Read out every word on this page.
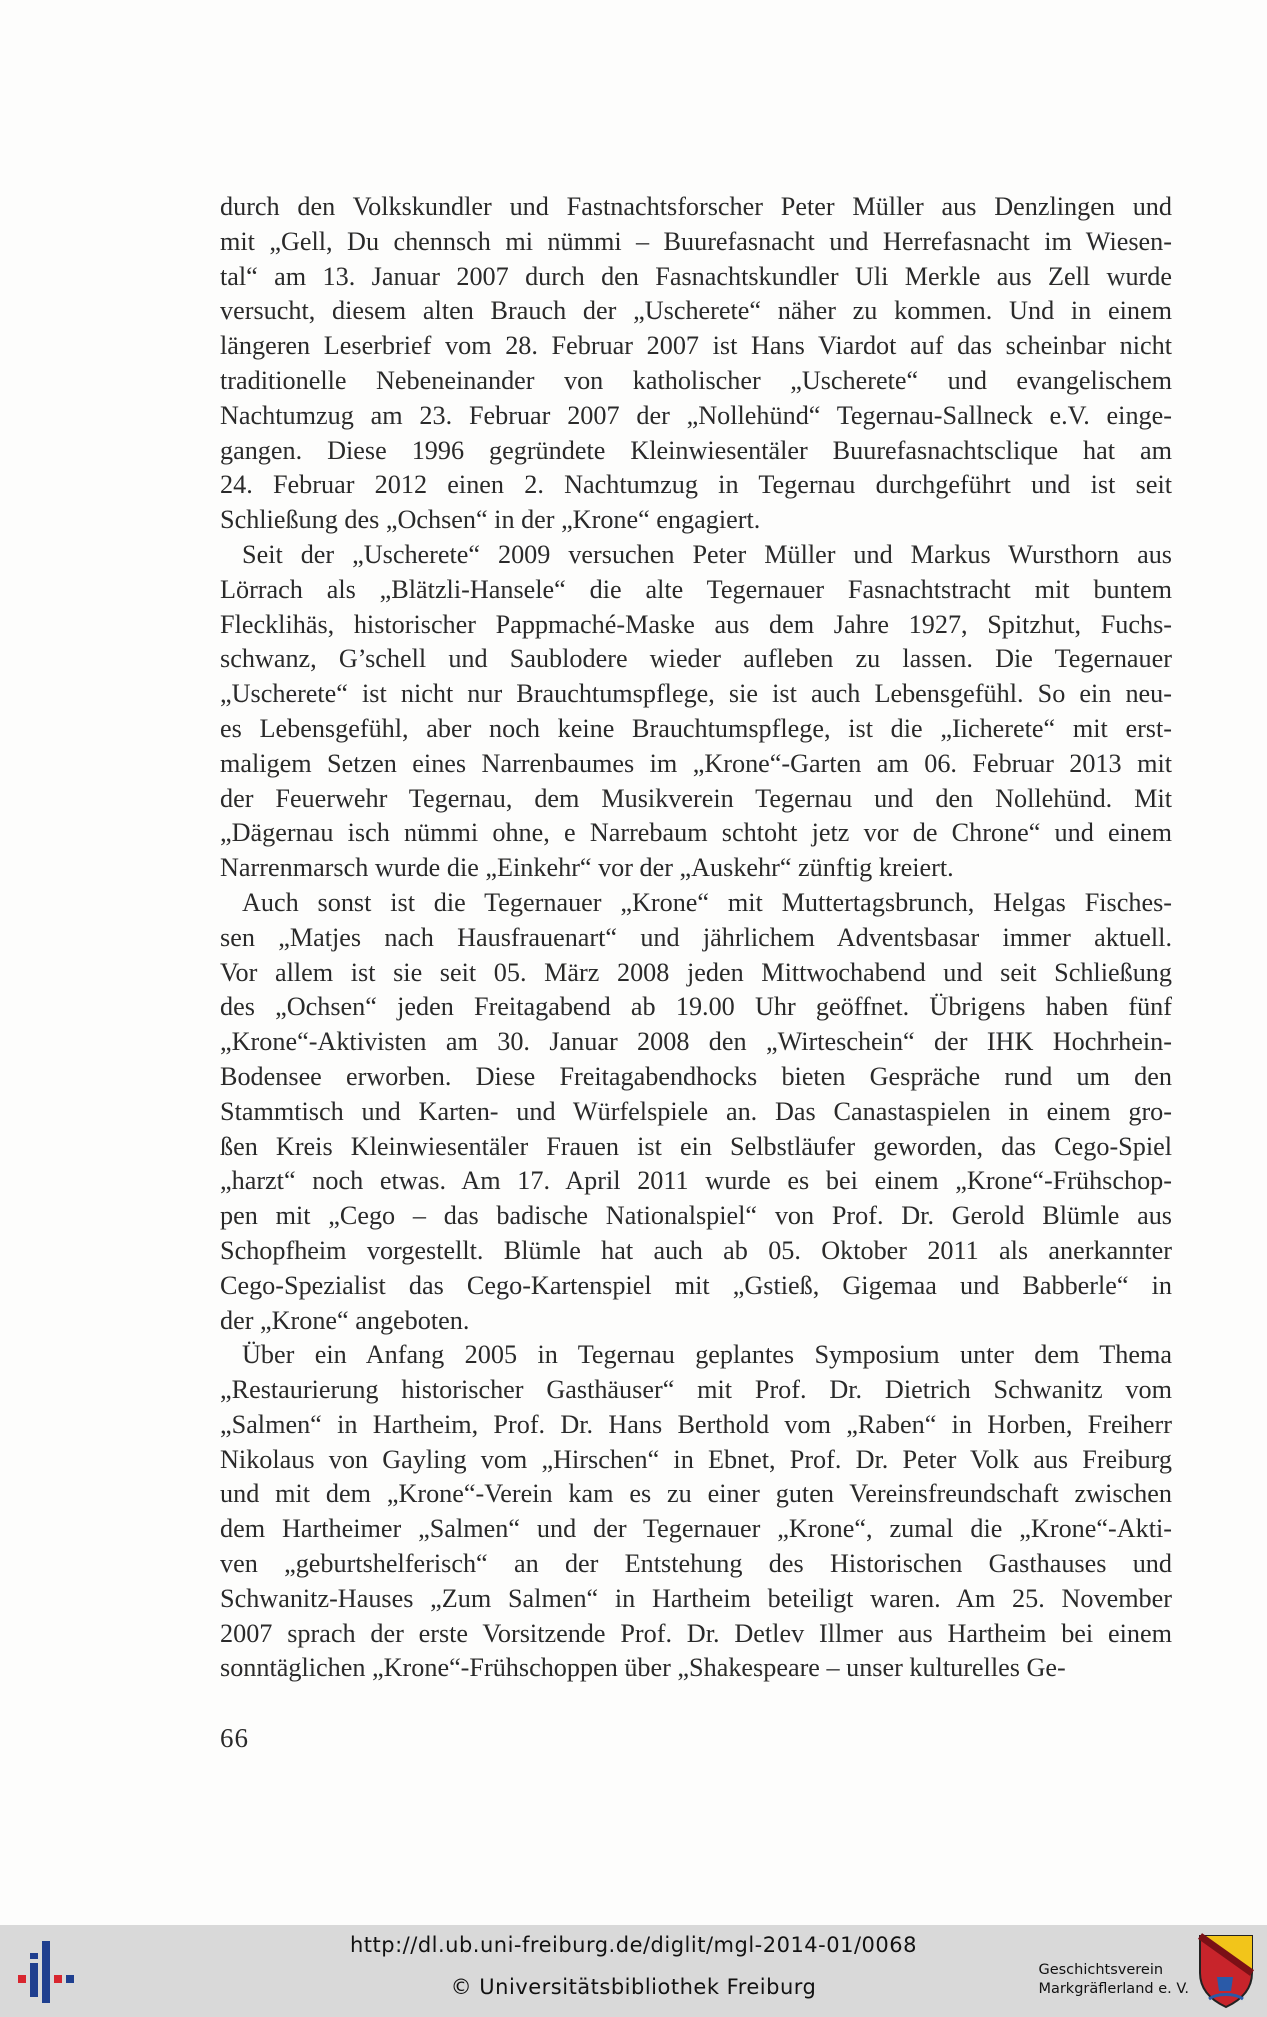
durch den Volkskundler und Fastnachtsforscher Peter Müller aus Denzlingen und
mit „Gell, Du chennsch mi nümmi – Buurefasnacht und Herrefasnacht im Wiesen-
tal“ am 13. Januar 2007 durch den Fasnachtskundler Uli Merkle aus Zell wurde
versucht, diesem alten Brauch der „Uscherete“ näher zu kommen. Und in einem
längeren Leserbrief vom 28. Februar 2007 ist Hans Viardot auf das scheinbar nicht
traditionelle Nebeneinander von katholischer „Uscherete“ und evangelischem
Nachtumzug am 23. Februar 2007 der „Nollehünd“ Tegernau-Sallneck e.V. einge-
gangen. Diese 1996 gegründete Kleinwiesentäler Buurefasnachtsclique hat am
24. Februar 2012 einen 2. Nachtumzug in Tegernau durchgeführt und ist seit
Schließung des „Ochsen“ in der „Krone“ engagiert.
Seit der „Uscherete“ 2009 versuchen Peter Müller und Markus Wursthorn aus
Lörrach als „Blätzli-Hansele“ die alte Tegernauer Fasnachtstracht mit buntem
Flecklihäs, historischer Pappmaché-Maske aus dem Jahre 1927, Spitzhut, Fuchs-
schwanz, G’schell und Saublodere wieder aufleben zu lassen. Die Tegernauer
„Uscherete“ ist nicht nur Brauchtumspflege, sie ist auch Lebensgefühl. So ein neu-
es Lebensgefühl, aber noch keine Brauchtumspflege, ist die „Iicherete“ mit erst-
maligem Setzen eines Narrenbaumes im „Krone“-Garten am 06. Februar 2013 mit
der Feuerwehr Tegernau, dem Musikverein Tegernau und den Nollehünd. Mit
„Dägernau isch nümmi ohne, e Narrebaum schtoht jetz vor de Chrone“ und einem
Narrenmarsch wurde die „Einkehr“ vor der „Auskehr“ zünftig kreiert.
Auch sonst ist die Tegernauer „Krone“ mit Muttertagsbrunch, Helgas Fisches-
sen „Matjes nach Hausfrauenart“ und jährlichem Adventsbasar immer aktuell.
Vor allem ist sie seit 05. März 2008 jeden Mittwochabend und seit Schließung
des „Ochsen“ jeden Freitagabend ab 19.00 Uhr geöffnet. Übrigens haben fünf
„Krone“-Aktivisten am 30. Januar 2008 den „Wirteschein“ der IHK Hochrhein-
Bodensee erworben. Diese Freitagabendhocks bieten Gespräche rund um den
Stammtisch und Karten- und Würfelspiele an. Das Canastaspielen in einem gro-
ßen Kreis Kleinwiesentäler Frauen ist ein Selbstläufer geworden, das Cego-Spiel
„harzt“ noch etwas. Am 17. April 2011 wurde es bei einem „Krone“-Frühschop-
pen mit „Cego – das badische Nationalspiel“ von Prof. Dr. Gerold Blümle aus
Schopfheim vorgestellt. Blümle hat auch ab 05. Oktober 2011 als anerkannter
Cego-Spezialist das Cego-Kartenspiel mit „Gstieß, Gigemaa und Babberle“ in
der „Krone“ angeboten.
Über ein Anfang 2005 in Tegernau geplantes Symposium unter dem Thema
„Restaurierung historischer Gasthäuser“ mit Prof. Dr. Dietrich Schwanitz vom
„Salmen“ in Hartheim, Prof. Dr. Hans Berthold vom „Raben“ in Horben, Freiherr
Nikolaus von Gayling vom „Hirschen“ in Ebnet, Prof. Dr. Peter Volk aus Freiburg
und mit dem „Krone“-Verein kam es zu einer guten Vereinsfreundschaft zwischen
dem Hartheimer „Salmen“ und der Tegernauer „Krone“, zumal die „Krone“-Akti-
ven „geburtshelferisch“ an der Entstehung des Historischen Gasthauses und
Schwanitz-Hauses „Zum Salmen“ in Hartheim beteiligt waren. Am 25. November
2007 sprach der erste Vorsitzende Prof. Dr. Detlev Illmer aus Hartheim bei einem
sonntäglichen „Krone“-Frühschoppen über „Shakespeare – unser kulturelles Ge-
66
http://dl.ub.uni-freiburg.de/diglit/mgl-2014-01/0068
© Universitätsbibliothek Freiburg
Geschichtsverein
Markgräflerland e. V.
